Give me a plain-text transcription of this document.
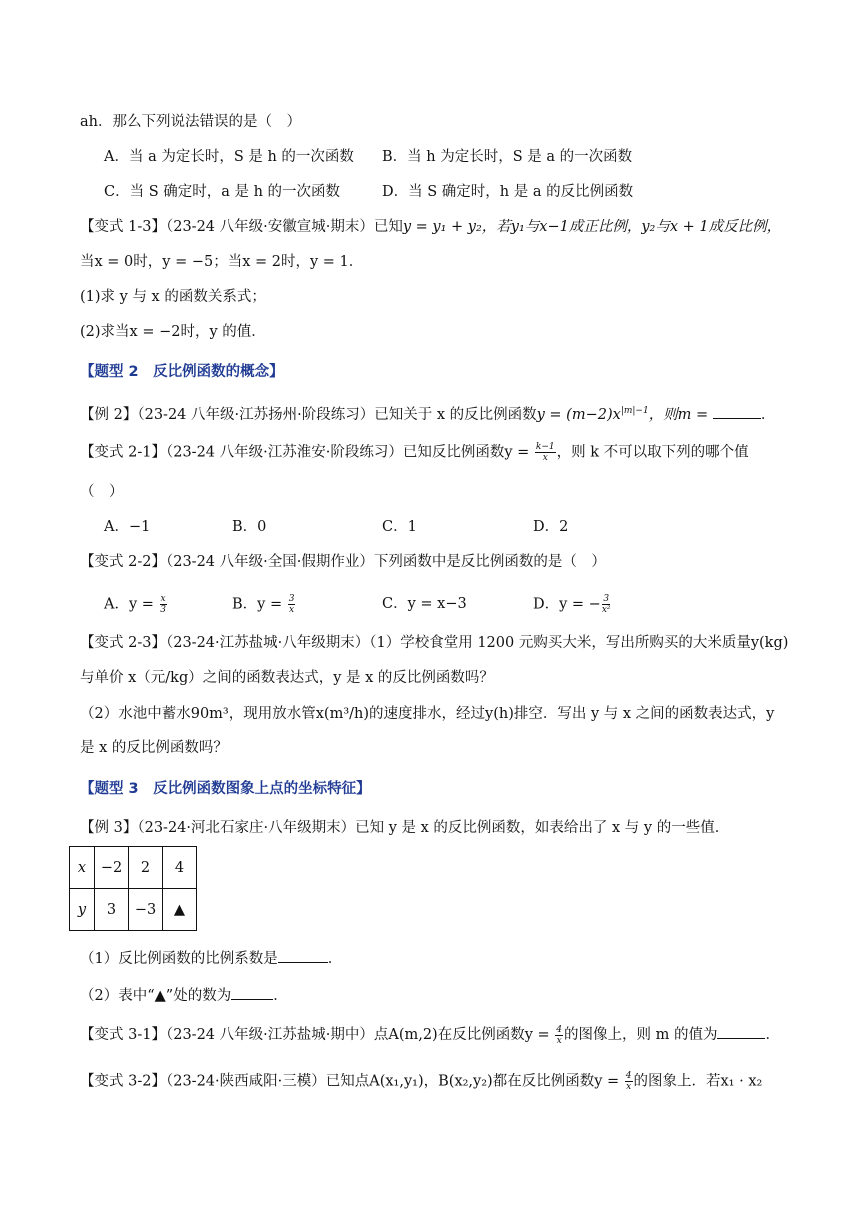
ah．那么下列说法错误的是（　）
A．当 a 为定长时，S 是 h 的一次函数 B．当 h 为定长时，S 是 a 的一次函数
C．当 S 确定时，a 是 h 的一次函数	D．当 S 确定时，h 是 a 的反比例函数
【变式 1-3】（23-24 八年级·安徽宣城·期末）已知y = y₁ + y₂，若y₁与x−1成正比例，y₂与x + 1成反比例，
当x = 0时，y = −5；当x = 2时，y = 1．
(1)求 y 与 x 的函数关系式；
(2)求当x = −2时，y 的值．
【题型 2　反比例函数的概念】
【例 2】（23-24 八年级·江苏扬州·阶段练习）已知关于 x 的反比例函数$y = (m-2)x^{|m|-1}$，则m =	．
【变式 2-1】（23-24 八年级·江苏淮安·阶段练习）已知反比例函数$y = \frac{k-1}{x}$ ，则 k 不可以取下列的哪个值
（　）
A．−1	B．0	C．1	D．2
【变式 2-2】（23-24 八年级·全国·假期作业）下列函数中是反比例函数的是（　）
A．$y = \frac{x}{3}$	B．$y = \frac{3}{x}$	C．y = x−3	D．y = − $\frac{3}{\text{x²}}$
【变式 2-3】（23-24·江苏盐城·八年级期末）（1）学校食堂用 1200 元购买大米，写出所购买的大米质量y(kg)
与单价 x（元/kg）之间的函数表达式，y 是 x 的反比例函数吗？
（2）水池中蓄水90m³，现用放水管x(m³/h)的速度排水，经过y(h)排空．写出 y 与 x 之间的函数表达式，y
是 x 的反比例函数吗？
【题型 3　反比例函数图象上点的坐标特征】
【例 3】（23-24·河北石家庄·八年级期末）已知 y 是 x 的反比例函数，如表给出了 x 与 y 的一些值．
x	−2	2	4
y	3	−3	▲
（1）反比例函数的比例系数是	．
（2）表中“▲”处的数为	．
【变式 3-1】（23-24 八年级·江苏盐城·期中）点A(m,2)在反比例函数$y = \frac{4}{x}$ 的图像上，则 m 的值为	．
【变式 3-2】（23-24·陕西咸阳·三模）已知点A(x₁,y₁)，B(x₂,y₂)都在反比例函数$y = \frac{4}{x}$ 的图象上．若x₁ · x₂
